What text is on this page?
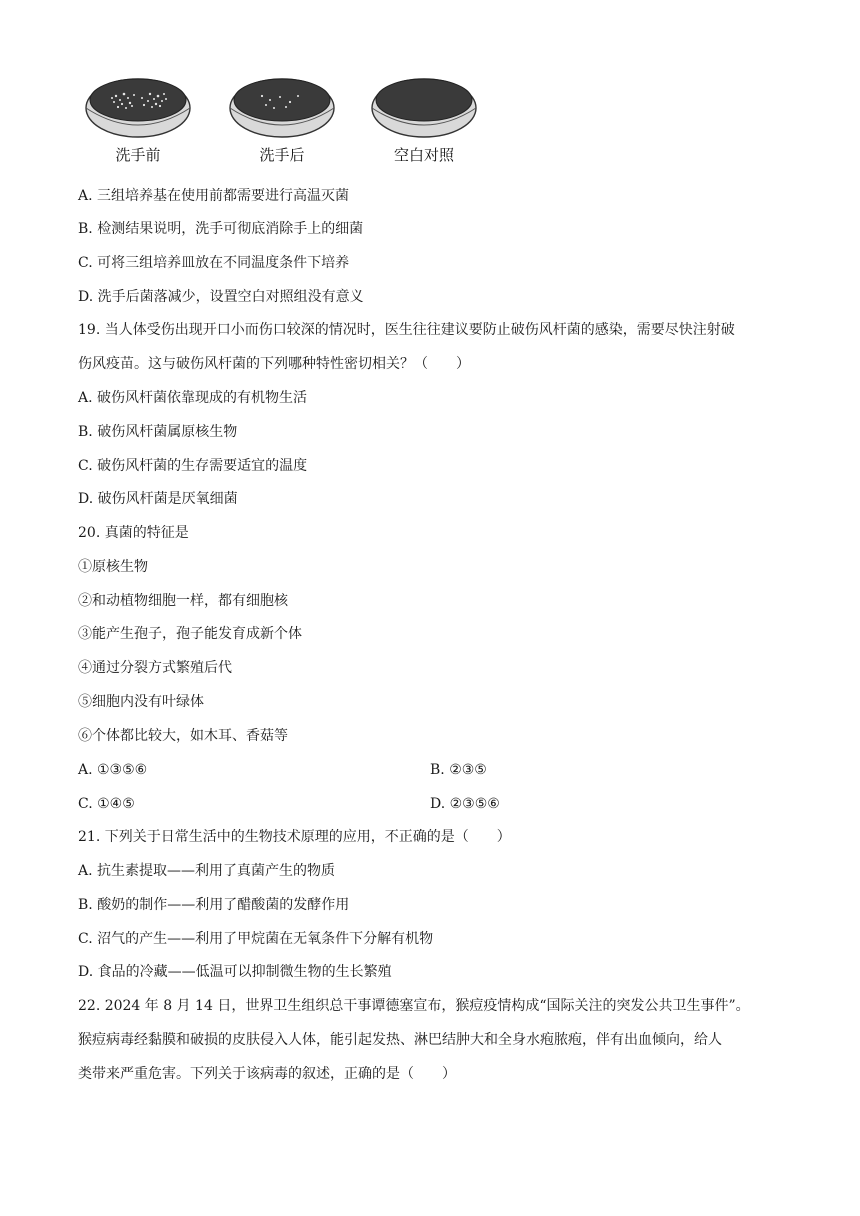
洗手前	洗手后	空白对照
A. 三组培养基在使用前都需要进行高温灭菌
B. 检测结果说明，洗手可彻底消除手上的细菌
C. 可将三组培养皿放在不同温度条件下培养
D. 洗手后菌落减少，设置空白对照组没有意义
19. 当人体受伤出现开口小而伤口较深的情况时，医生往往建议要防止破伤风杆菌的感染，需要尽快注射破
伤风疫苗。这与破伤风杆菌的下列哪种特性密切相关？（　　）
A. 破伤风杆菌依靠现成的有机物生活
B. 破伤风杆菌属原核生物
C. 破伤风杆菌的生存需要适宜的温度
D. 破伤风杆菌是厌氧细菌
20. 真菌的特征是
①原核生物
②和动植物细胞一样，都有细胞核
③能产生孢子，孢子能发育成新个体
④通过分裂方式繁殖后代
⑤细胞内没有叶绿体
⑥个体都比较大，如木耳、香菇等
A. ①③⑤⑥	B. ②③⑤
C. ①④⑤	D. ②③⑤⑥
21. 下列关于日常生活中的生物技术原理的应用，不正确的是（　　）
A. 抗生素提取——利用了真菌产生的物质
B. 酸奶的制作——利用了醋酸菌的发酵作用
C. 沼气的产生——利用了甲烷菌在无氧条件下分解有机物
D. 食品的冷藏——低温可以抑制微生物的生长繁殖
22. 2024 年 8 月 14 日，世界卫生组织总干事谭德塞宣布，猴痘疫情构成“国际关注的突发公共卫生事件”。
猴痘病毒经黏膜和破损的皮肤侵入人体，能引起发热、淋巴结肿大和全身水疱脓疱，伴有出血倾向，给人
类带来严重危害。下列关于该病毒的叙述，正确的是（　　）
